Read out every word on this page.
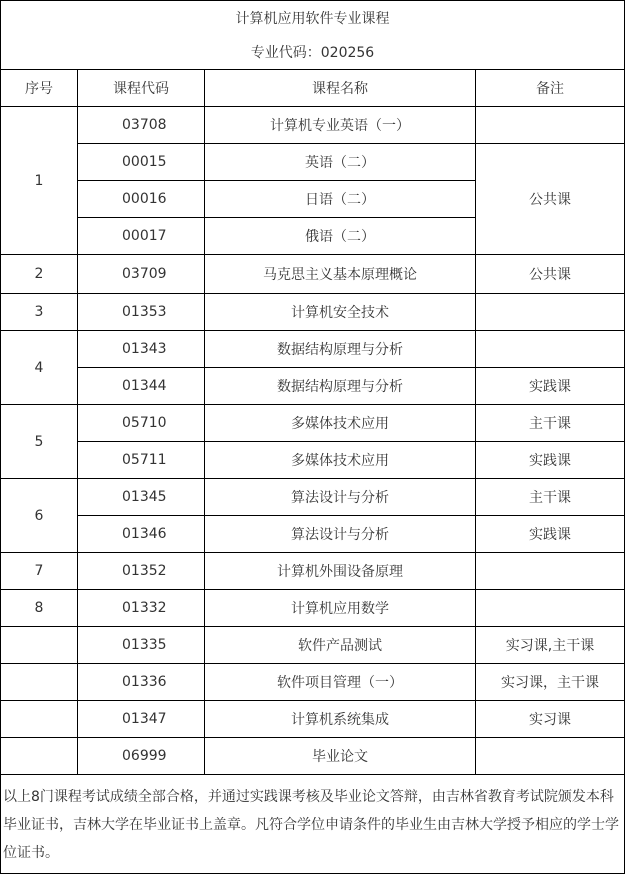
计算机应用软件专业课程			
专业代码：020256			
序号	课程代码	课程名称	备注
1	03708	计算机专业英语（一）	
	00015	英语（二）	公共课
	00016	日语（二）	
	00017	俄语（二）	
2	03709	马克思主义基本原理概论	公共课
3	01353	计算机安全技术	
4	01343	数据结构原理与分析	
	01344	数据结构原理与分析	实践课
5	05710	多媒体技术应用	主干课
	05711	多媒体技术应用	实践课
6	01345	算法设计与分析	主干课
	01346	算法设计与分析	实践课
7	01352	计算机外围设备原理	
8	01332	计算机应用数学	
	01335	软件产品测试	实习课,主干课
	01336	软件项目管理（一）	实习课，主干课
	01347	计算机系统集成	实习课
	06999	毕业论文	
以上8门课程考试成绩全部合格，并通过实践课考核及毕业论文答辩，由吉林省教育考试院颁发本科毕业证书，吉林大学在毕业证书上盖章。凡符合学位申请条件的毕业生由吉林大学授予相应的学士学位证书。			
